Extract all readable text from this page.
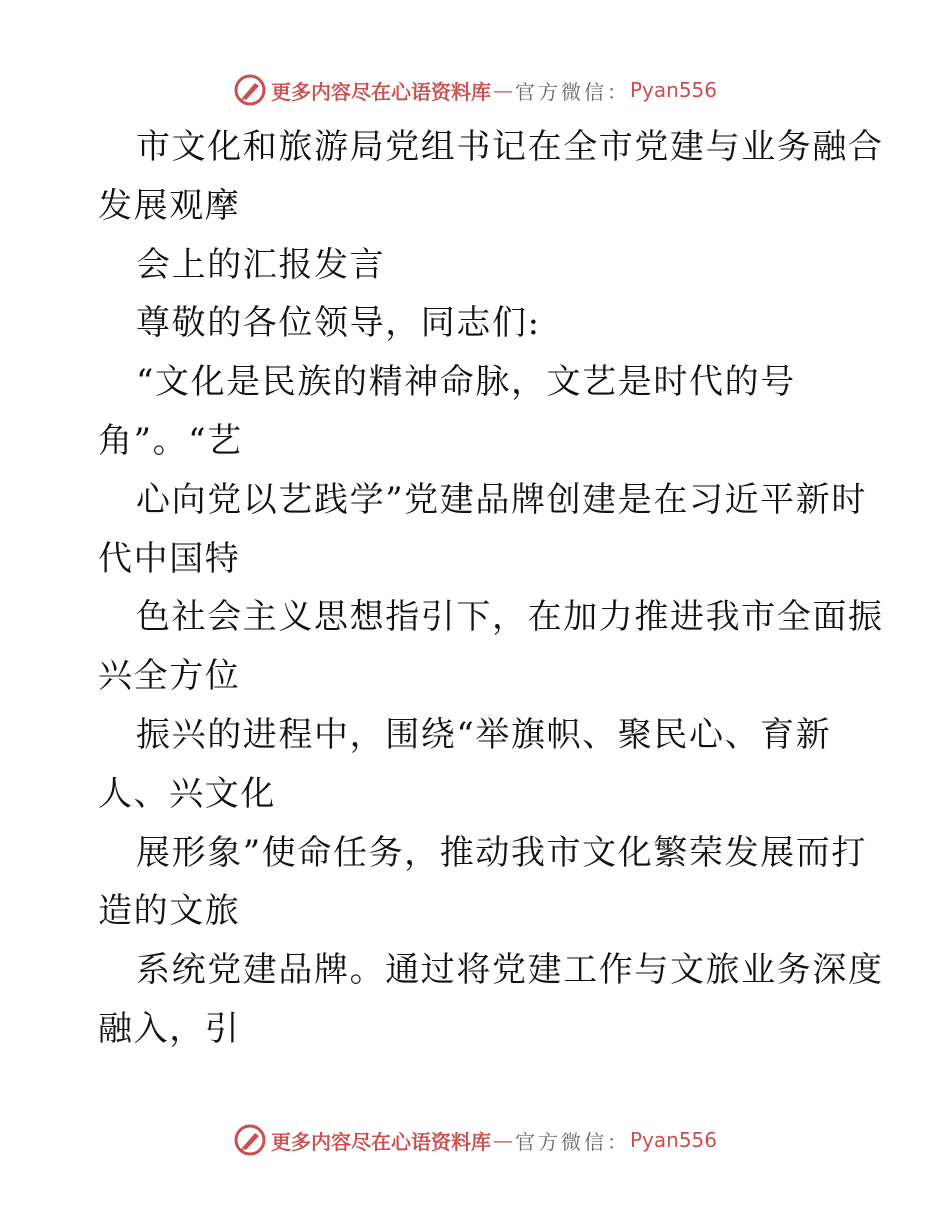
更多内容尽在心语资料库 — 官方微信： Pyan556
市文化和旅游局党组书记在全市党建与业务融合
发展观摩
会上的汇报发言
尊敬的各位领导，同志们:
“文化是民族的精神命脉，文艺是时代的号
角”。“艺
心向党以艺践学”党建品牌创建是在习近平新时
代中国特
色社会主义思想指引下，在加力推进我市全面振
兴全方位
振兴的进程中，围绕“举旗帜、聚民心、育新
人、兴文化
展形象”使命任务，推动我市文化繁荣发展而打
造的文旅
系统党建品牌。通过将党建工作与文旅业务深度
融入，引
更多内容尽在心语资料库 — 官方微信： Pyan556
